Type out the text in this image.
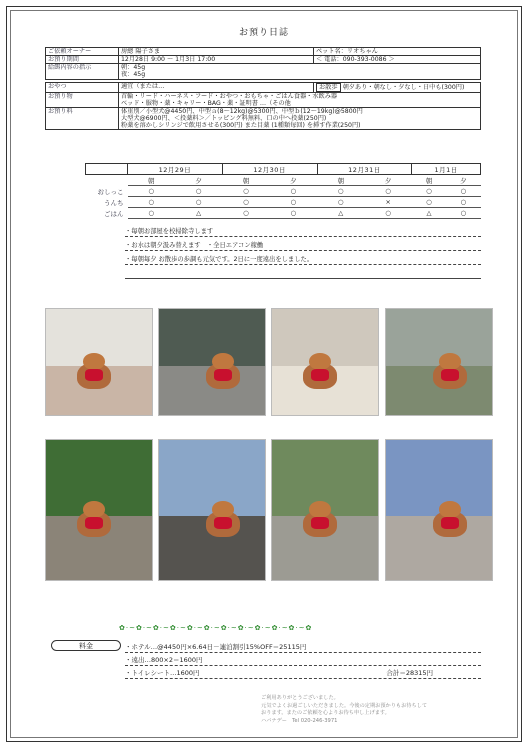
お預り日誌
ご依頼オーナー	房總 陽子さま	ペット名：リオちゃん
お預り期間	12月28日 9:00 ～ 1月3日 17:00	＜ 電話：090-393-0086 ＞
給餌内容の指示	朝：45g
夜：45g	

おやつ	適宜（または…	お散歩 朝夕あり・朝なし・夕なし・日中も(300円)
お預り物	首輪・リード・ハーネス・フード・おやつ・おもちゃ・ごはん食器・水飲み器
ベッド・服物・薬・キャリー・BAG・薬・証明書 …（その他	

お預り料	体重別／小型犬@4450円、中型ａ(8～12kg)@5300円、中型ｂ(12～19kg)@5800円
大型犬@6900円、＜投薬料＞／トッピング料無料、口の中へ投薬(250円)
粉薬を溶かしシリンジで飲用させる(300円) また目薬 (1種類毎回) を挿す作業(250円)	
	12月29日		12月30日		12月31日		1月1日	
	朝	夕	朝	夕	朝	夕	朝	夕
おしっこ	○	○	○	○	○	○	○	○
うんち	○	○	○	○	○	×	○	○
ごはん	○	△	○	○	△	○	△	○
・毎朝お部屋を校掃除寺します
・お水は朝夕汲み替えます　・全日エアコン稼働
・毎朝毎夕 お散歩の歩調も元気です。2日に一度遠出をしました。
✿·~✿·~✿·~✿·~✿·~✿·~✿·~✿·~✿·~✿·~✿·~✿
料金	・ホテル…@4450円×6.64日－連泊割引15%OFF＝25115円
・遠出…800×2＝1600円
・トイレシート…1600円	合計＝28315円
ご利用ありがとうございました。
元気でよくお過ごしいただきました。今後の定期お預かりもお待ちして
おります。またのご依頼を心よりお待ち申し上げます。
ハバナデー　Tel 020-246-3971
